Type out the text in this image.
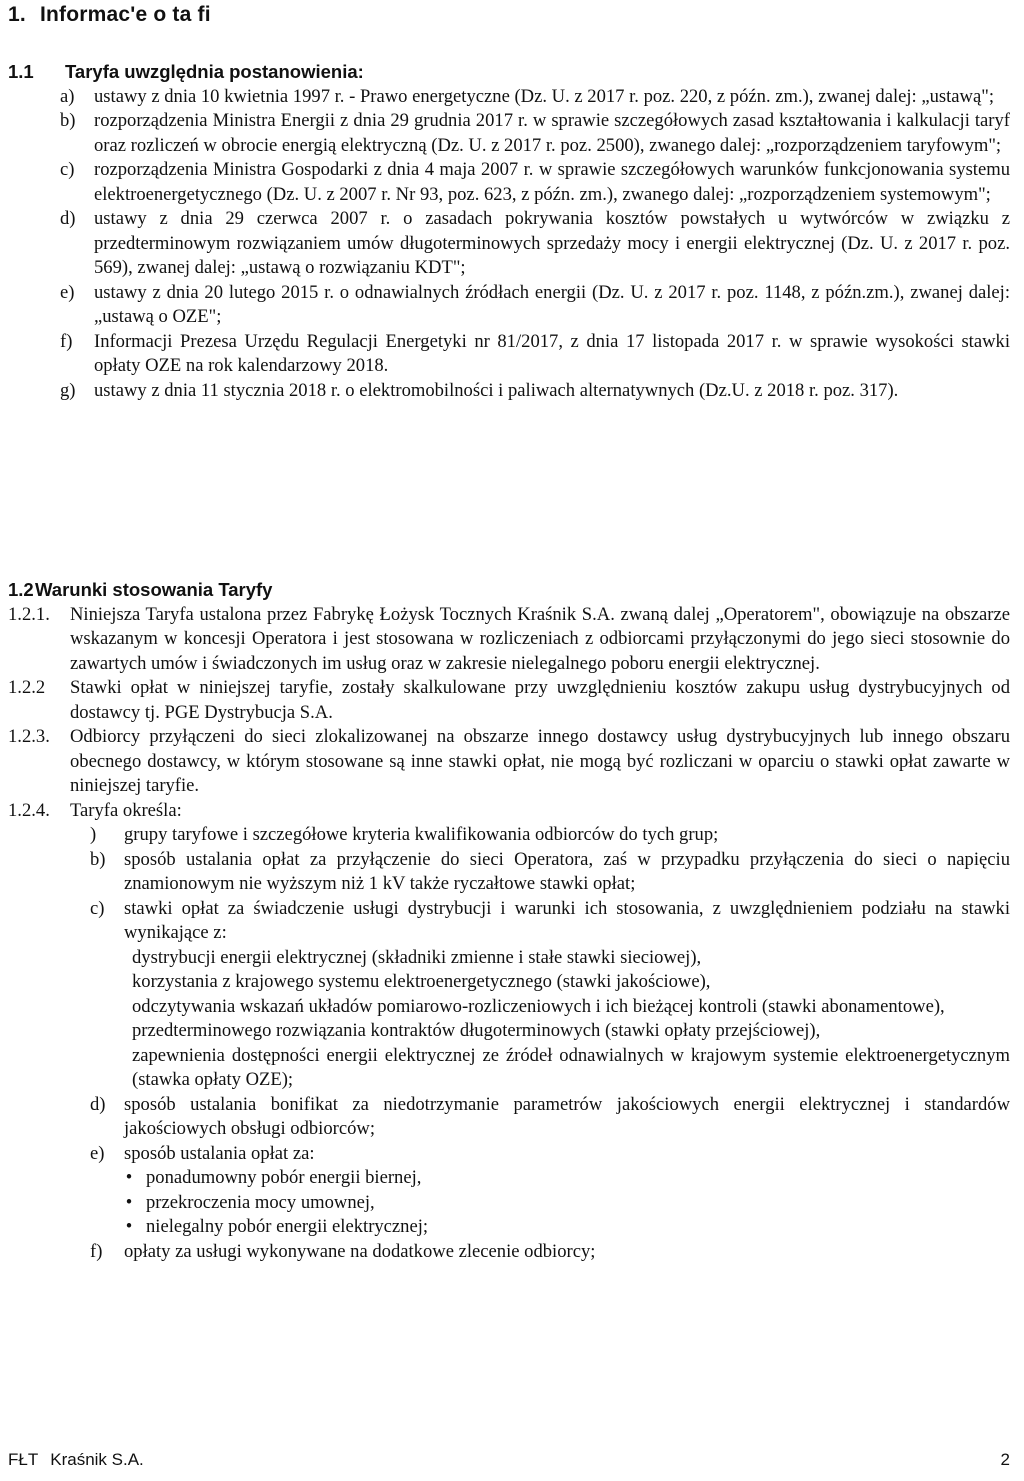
1. Informac'e o ta fi
1.1	Taryfa uwzględnia postanowienia:
a)	ustawy z dnia 10 kwietnia 1997 r. - Prawo energetyczne (Dz. U. z 2017 r. poz. 220, z późn. zm.), zwanej dalej: „ustawą";
b) rozporządzenia Ministra Energii z dnia 29 grudnia 2017 r. w sprawie szczegółowych zasad kształtowania i kalkulacji taryf oraz rozliczeń w obrocie energią elektryczną (Dz. U. z 2017 r. poz. 2500), zwanego dalej: „rozporządzeniem taryfowym";
c)	rozporządzenia Ministra Gospodarki z dnia 4 maja 2007 r. w sprawie szczegółowych warunków funkcjonowania systemu elektroenergetycznego (Dz. U. z 2007 r. Nr 93, poz. 623, z późn. zm.), zwanego dalej: „rozporządzeniem systemowym";
d) ustawy z dnia 29 czerwca 2007 r. o zasadach pokrywania kosztów powstałych u wytwórców w związku z przedterminowym rozwiązaniem umów długoterminowych sprzedaży mocy i energii elektrycznej (Dz. U. z 2017 r. poz. 569), zwanej dalej: „ustawą o rozwiązaniu KDT";
e)	ustawy z dnia 20 lutego 2015 r. o odnawialnych źródłach energii (Dz. U. z 2017 r. poz. 1148, z późn.zm.), zwanej dalej: „ustawą o OZE";
f)	Informacji Prezesa Urzędu Regulacji Energetyki nr 81/2017, z dnia 17 listopada 2017 r. w sprawie wysokości stawki opłaty OZE na rok kalendarzowy 2018.
g) ustawy z dnia 11 stycznia 2018 r. o elektromobilności i paliwach alternatywnych (Dz.U. z 2018 r. poz. 317).
1.2 Warunki stosowania Taryfy
1.2.1.	Niniejsza Taryfa ustalona przez Fabrykę Łożysk Tocznych Kraśnik S.A. zwaną dalej „Operatorem", obowiązuje na obszarze wskazanym w koncesji Operatora i jest stosowana w rozliczeniach z odbiorcami przyłączonymi do jego sieci stosownie do zawartych umów i świadczonych im usług oraz w zakresie nielegalnego poboru energii elektrycznej.
1.2.2	Stawki opłat w niniejszej taryfie, zostały skalkulowane przy uwzględnieniu kosztów zakupu usług dystrybucyjnych od dostawcy tj. PGE Dystrybucja S.A.
1.2.3.	Odbiorcy przyłączeni do sieci zlokalizowanej na obszarze innego dostawcy usług dystrybucyjnych lub innego obszaru obecnego dostawcy, w którym stosowane są inne stawki opłat, nie mogą być rozliczani w oparciu o stawki opłat zawarte w niniejszej taryfie.
1.2.4.	Taryfa określa:
)	grupy taryfowe i szczegółowe kryteria kwalifikowania odbiorców do tych grup;
b) sposób ustalania opłat za przyłączenie do sieci Operatora, zaś w przypadku przyłączenia do sieci o napięciu znamionowym nie wyższym niż 1 kV także ryczałtowe stawki opłat;
c)	stawki opłat za świadczenie usługi dystrybucji i warunki ich stosowania, z uwzględnieniem podziału na stawki wynikające z:
dystrybucji energii elektrycznej (składniki zmienne i stałe stawki sieciowej),
korzystania z krajowego systemu elektroenergetycznego (stawki jakościowe),
odczytywania wskazań układów pomiarowo-rozliczeniowych i ich bieżącej kontroli (stawki abonamentowe),
przedterminowego rozwiązania kontraktów długoterminowych (stawki opłaty przejściowej),
zapewnienia dostępności energii elektrycznej ze źródeł odnawialnych w krajowym systemie elektroenergetycznym (stawka opłaty OZE);
d) sposób ustalania bonifikat za niedotrzymanie parametrów jakościowych energii elektrycznej i standardów jakościowych obsługi odbiorców;
e)	sposób ustalania opłat za:
• ponadumowny pobór energii biernej,
• przekroczenia mocy umownej,
• nielegalny pobór energii elektrycznej;
f)	opłaty za usługi wykonywane na dodatkowe zlecenie odbiorcy;
FŁT Kraśnik S.A.	2
